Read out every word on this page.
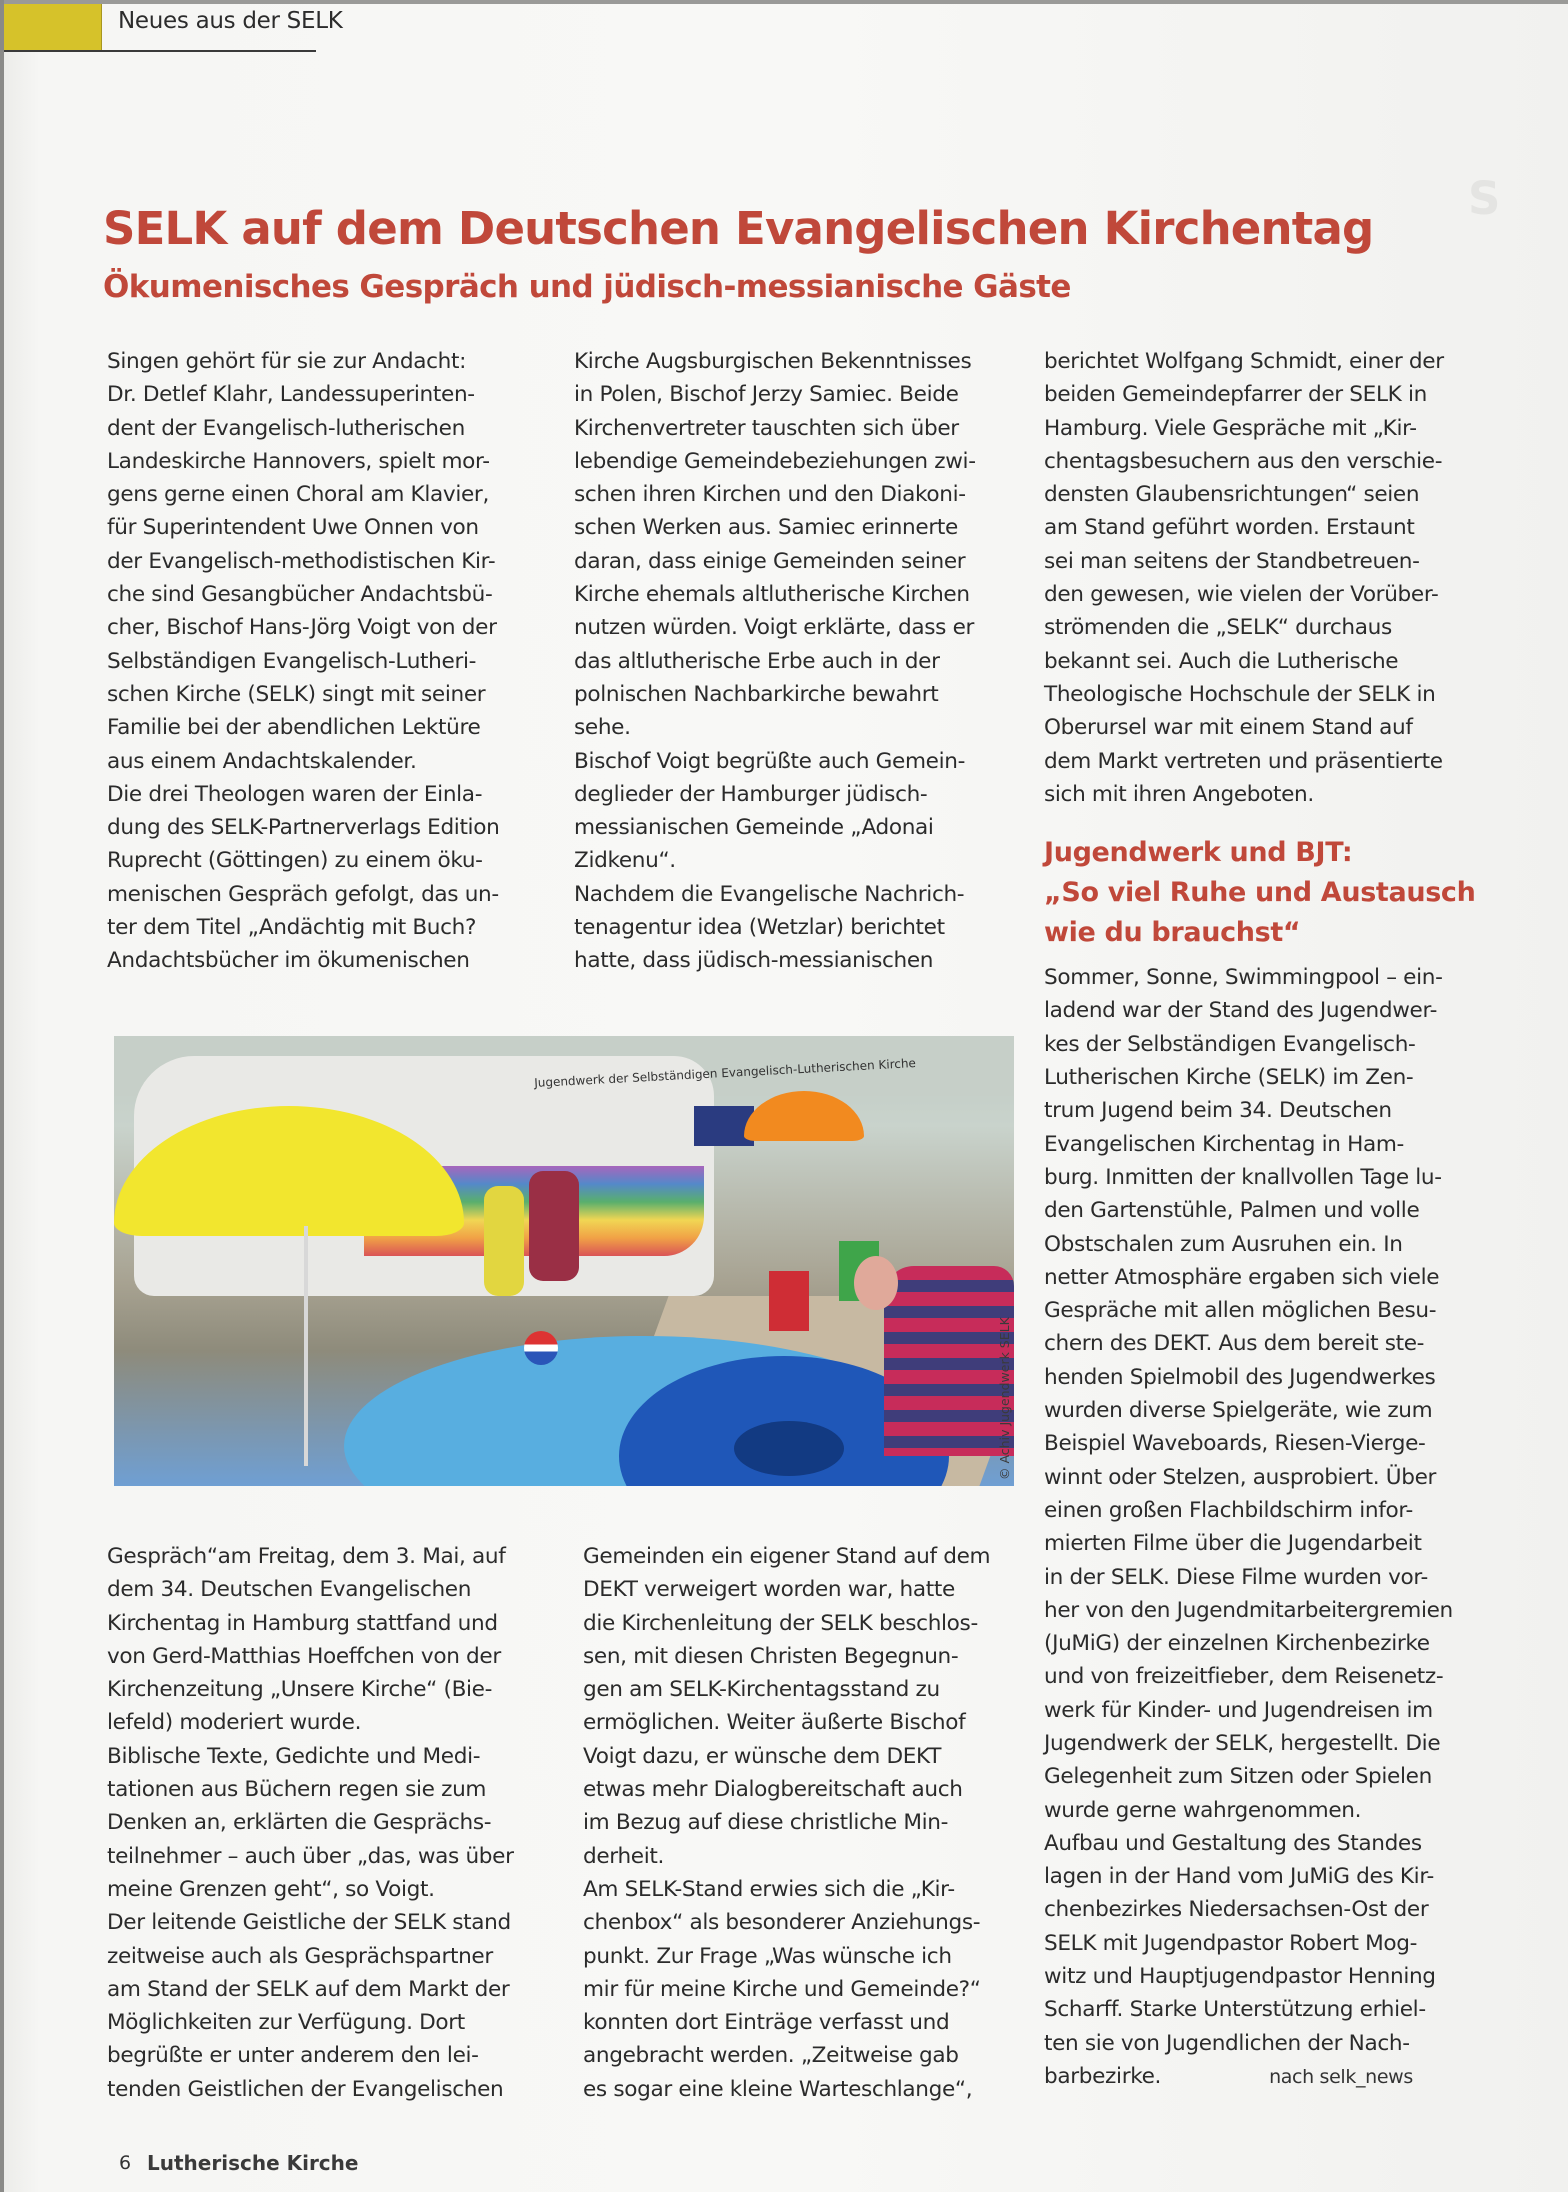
Neues aus der SELK
S
SELK auf dem Deutschen Evangelischen Kirchentag
Ökumenisches Gespräch und jüdisch-messianische Gäste

Singen gehört für sie zur Andacht:

Dr. Detlef Klahr, Landessuperinten-

dent der Evangelisch-lutherischen

Landeskirche Hannovers, spielt mor-

gens gerne einen Choral am Klavier,

für Superintendent Uwe Onnen von

der Evangelisch-methodistischen Kir-

che sind Gesangbücher Andachtsbü-

cher, Bischof Hans-Jörg Voigt von der

Selbständigen Evangelisch-Lutheri-

schen Kirche (SELK) singt mit seiner

Familie bei der abendlichen Lektüre

aus einem Andachtskalender.

Die drei Theologen waren der Einla-

dung des SELK-Partnerverlags Edition

Ruprecht (Göttingen) zu einem öku-

menischen Gespräch gefolgt, das un-

ter dem Titel „Andächtig mit Buch?

Andachtsbücher im ökumenischen

Kirche Augsburgischen Bekenntnisses

in Polen, Bischof Jerzy Samiec. Beide

Kirchenvertreter tauschten sich über

lebendige Gemeindebeziehungen zwi-

schen ihren Kirchen und den Diakoni-

schen Werken aus. Samiec erinnerte

daran, dass einige Gemeinden seiner

Kirche ehemals altlutherische Kirchen

nutzen würden. Voigt erklärte, dass er

das altlutherische Erbe auch in der

polnischen Nachbarkirche bewahrt

sehe.

Bischof Voigt begrüßte auch Gemein-

deglieder der Hamburger jüdisch-

messianischen Gemeinde „Adonai

Zidkenu“.

Nachdem die Evangelische Nachrich-

tenagentur idea (Wetzlar) berichtet

hatte, dass jüdisch-messianischen

berichtet Wolfgang Schmidt, einer der

beiden Gemeindepfarrer der SELK in

Hamburg. Viele Gespräche mit „Kir-

chentagsbesuchern aus den verschie-

densten Glaubensrichtungen“ seien

am Stand geführt worden. Erstaunt

sei man seitens der Standbetreuen-

den gewesen, wie vielen der Vorüber-

strömenden die „SELK“ durchaus

bekannt sei. Auch die Lutherische

Theologische Hochschule der SELK in

Oberursel war mit einem Stand auf

dem Markt vertreten und präsentierte

sich mit ihren Angeboten.

Jugendwerk und BJT:

„So viel Ruhe und Austausch

wie du brauchst“

Sommer, Sonne, Swimmingpool – ein-

ladend war der Stand des Jugendwer-

kes der Selbständigen Evangelisch-

Lutherischen Kirche (SELK) im Zen-

trum Jugend beim 34. Deutschen

Evangelischen Kirchentag in Ham-

burg. Inmitten der knallvollen Tage lu-

den Gartenstühle, Palmen und volle

Obstschalen zum Ausruhen ein. In

netter Atmosphäre ergaben sich viele

Gespräche mit allen möglichen Besu-

chern des DEKT. Aus dem bereit ste-

henden Spielmobil des Jugendwerkes

wurden diverse Spielgeräte, wie zum

Beispiel Waveboards, Riesen-Vierge-

winnt oder Stelzen, ausprobiert. Über

einen großen Flachbildschirm infor-

mierten Filme über die Jugendarbeit

in der SELK. Diese Filme wurden vor-

her von den Jugendmitarbeitergremien

(JuMiG) der einzelnen Kirchenbezirke

und von freizeitfieber, dem Reisenetz-

werk für Kinder- und Jugendreisen im

Jugendwerk der SELK, hergestellt. Die

Gelegenheit zum Sitzen oder Spielen

wurde gerne wahrgenommen.

Aufbau und Gestaltung des Standes

lagen in der Hand vom JuMiG des Kir-

chenbezirkes Niedersachsen-Ost der

SELK mit Jugendpastor Robert Mog-

witz und Hauptjugendpastor Henning

Scharff. Starke Unterstützung erhiel-

ten sie von Jugendlichen der Nach-

barbezirke.	nach selk_news

Jugendwerk der Selbständigen Evangelisch-Lutherischen Kirche
© Achiv Jugendwerk SELK

Gespräch“am Freitag, dem 3. Mai, auf

dem 34. Deutschen Evangelischen

Kirchentag in Hamburg stattfand und

von Gerd-Matthias Hoeffchen von der

Kirchenzeitung „Unsere Kirche“ (Bie-

lefeld) moderiert wurde.

Biblische Texte, Gedichte und Medi-

tationen aus Büchern regen sie zum

Denken an, erklärten die Gesprächs-

teilnehmer – auch über „das, was über

meine Grenzen geht“, so Voigt.

Der leitende Geistliche der SELK stand

zeitweise auch als Gesprächspartner

am Stand der SELK auf dem Markt der

Möglichkeiten zur Verfügung. Dort

begrüßte er unter anderem den lei-

tenden Geistlichen der Evangelischen

Gemeinden ein eigener Stand auf dem

DEKT verweigert worden war, hatte

die Kirchenleitung der SELK beschlos-

sen, mit diesen Christen Begegnun-

gen am SELK-Kirchentagsstand zu

ermöglichen. Weiter äußerte Bischof

Voigt dazu, er wünsche dem DEKT

etwas mehr Dialogbereitschaft auch

im Bezug auf diese christliche Min-

derheit.

Am SELK-Stand erwies sich die „Kir-

chenbox“ als besonderer Anziehungs-

punkt. Zur Frage „Was wünsche ich

mir für meine Kirche und Gemeinde?“

konnten dort Einträge verfasst und

angebracht werden. „Zeitweise gab

es sogar eine kleine Warteschlange“,

6 Lutherische Kirche
